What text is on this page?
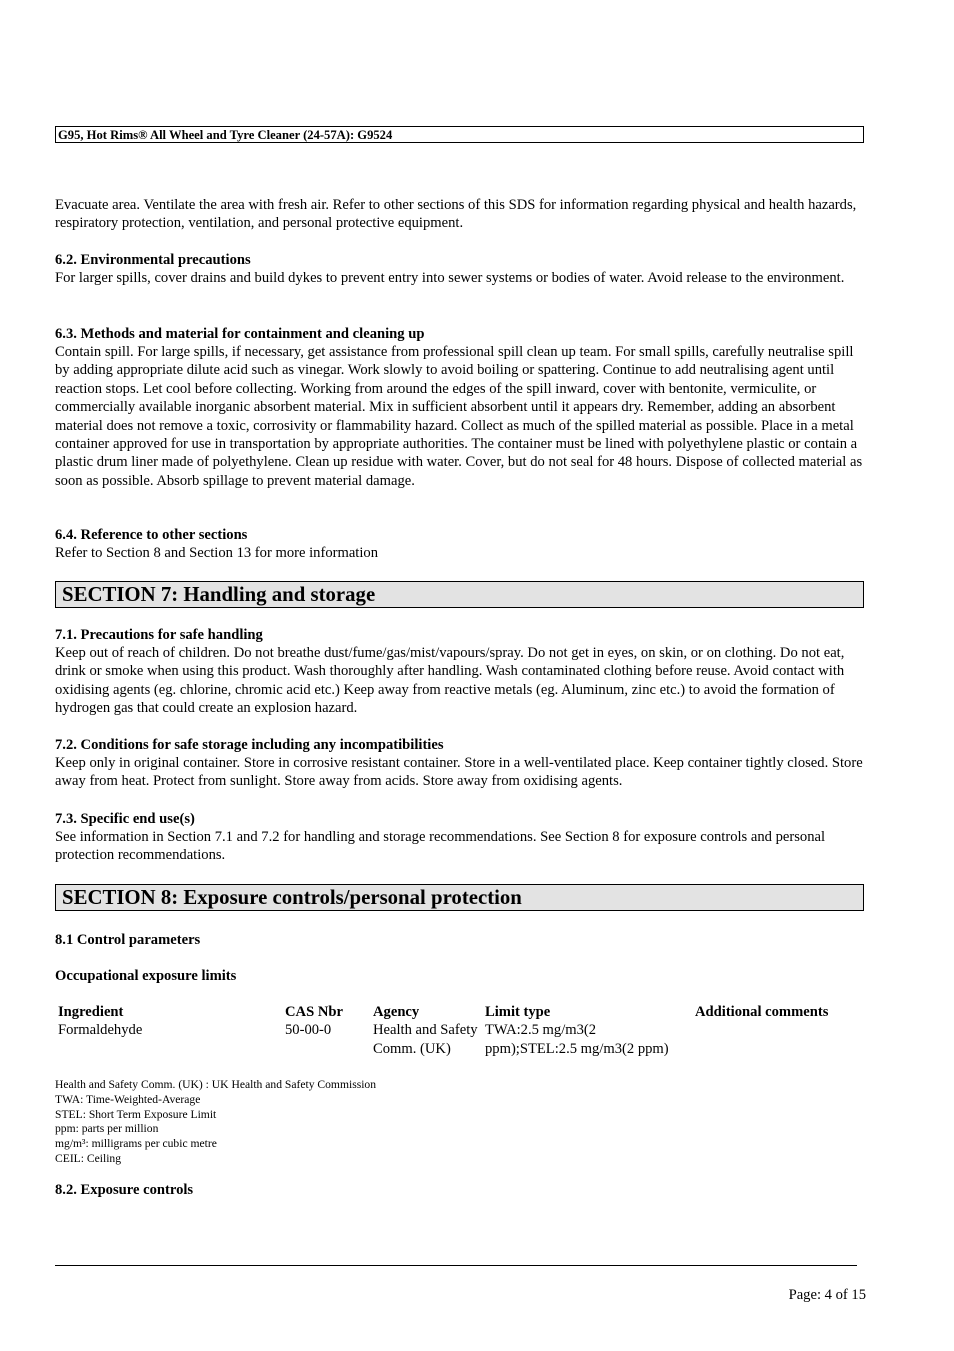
G95, Hot Rims® All Wheel and Tyre Cleaner (24-57A): G9524
Evacuate area. Ventilate the area with fresh air. Refer to other sections of this SDS for information regarding physical and health hazards, respiratory protection, ventilation, and personal protective equipment.
6.2. Environmental precautions
For larger spills, cover drains and build dykes to prevent entry into sewer systems or bodies of water. Avoid release to the environment.
6.3. Methods and material for containment and cleaning up
Contain spill. For large spills, if necessary, get assistance from professional spill clean up team. For small spills, carefully neutralise spill by adding appropriate dilute acid such as vinegar. Work slowly to avoid boiling or spattering. Continue to add neutralising agent until reaction stops. Let cool before collecting. Working from around the edges of the spill inward, cover with bentonite, vermiculite, or commercially available inorganic absorbent material. Mix in sufficient absorbent until it appears dry. Remember, adding an absorbent material does not remove a toxic, corrosivity or flammability hazard. Collect as much of the spilled material as possible. Place in a metal container approved for use in transportation by appropriate authorities. The container must be lined with polyethylene plastic or contain a plastic drum liner made of polyethylene. Clean up residue with water. Cover, but do not seal for 48 hours. Dispose of collected material as soon as possible. Absorb spillage to prevent material damage.
6.4. Reference to other sections
Refer to Section 8 and Section 13 for more information
SECTION 7: Handling and storage
7.1. Precautions for safe handling
Keep out of reach of children. Do not breathe dust/fume/gas/mist/vapours/spray. Do not get in eyes, on skin, or on clothing. Do not eat, drink or smoke when using this product. Wash thoroughly after handling. Wash contaminated clothing before reuse. Avoid contact with oxidising agents (eg. chlorine, chromic acid etc.) Keep away from reactive metals (eg. Aluminum, zinc etc.) to avoid the formation of hydrogen gas that could create an explosion hazard.
7.2. Conditions for safe storage including any incompatibilities
Keep only in original container. Store in corrosive resistant container. Store in a well-ventilated place. Keep container tightly closed. Store away from heat. Protect from sunlight. Store away from acids. Store away from oxidising agents.
7.3. Specific end use(s)
See information in Section 7.1 and 7.2 for handling and storage recommendations. See Section 8 for exposure controls and personal protection recommendations.
SECTION 8: Exposure controls/personal protection
8.1 Control parameters
Occupational exposure limits
Ingredient	CAS Nbr	Agency	Limit type	Additional comments
Formaldehyde	50-00-0	Health and Safety Comm. (UK)	TWA:2.5 mg/m3(2 ppm);STEL:2.5 mg/m3(2 ppm)	
Health and Safety Comm. (UK) : UK Health and Safety Commission
TWA: Time-Weighted-Average
STEL: Short Term Exposure Limit
ppm: parts per million
mg/m³: milligrams per cubic metre
CEIL: Ceiling
8.2. Exposure controls
Page: 4 of 15
